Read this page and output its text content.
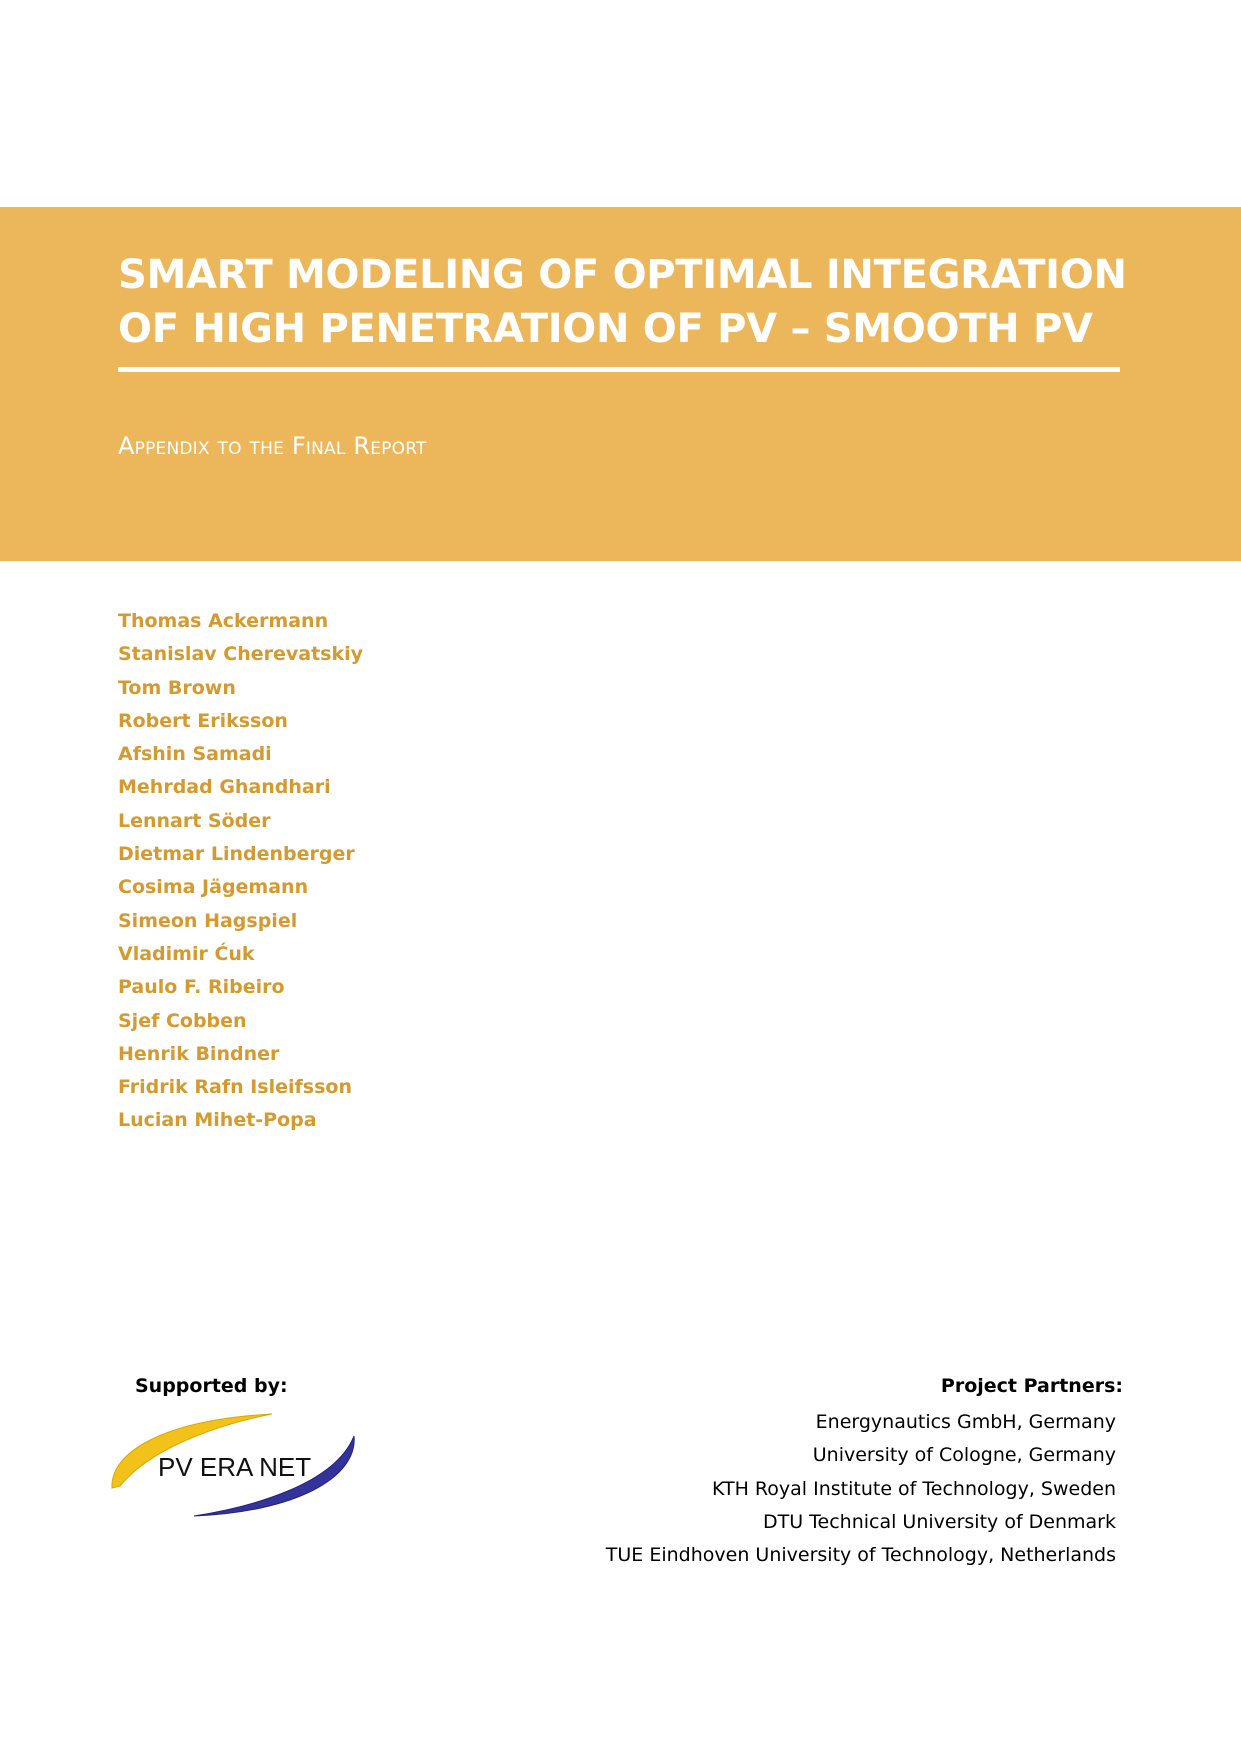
SMART MODELING OF OPTIMAL INTEGRATION
OF HIGH PENETRATION OF PV – SMOOTH PV
Appendix to the Final Report
Thomas Ackermann
Stanislav Cherevatskiy
Tom Brown
Robert Eriksson
Afshin Samadi
Mehrdad Ghandhari
Lennart Söder
Dietmar Lindenberger
Cosima Jägemann
Simeon Hagspiel
Vladimir Ćuk
Paulo F. Ribeiro
Sjef Cobben
Henrik Bindner
Fridrik Rafn Isleifsson
Lucian Mihet-Popa
Supported by:
PV ERA NET
Project Partners:
Energynautics GmbH, Germany
University of Cologne, Germany
KTH Royal Institute of Technology, Sweden
DTU Technical University of Denmark
TUE Eindhoven University of Technology, Netherlands
